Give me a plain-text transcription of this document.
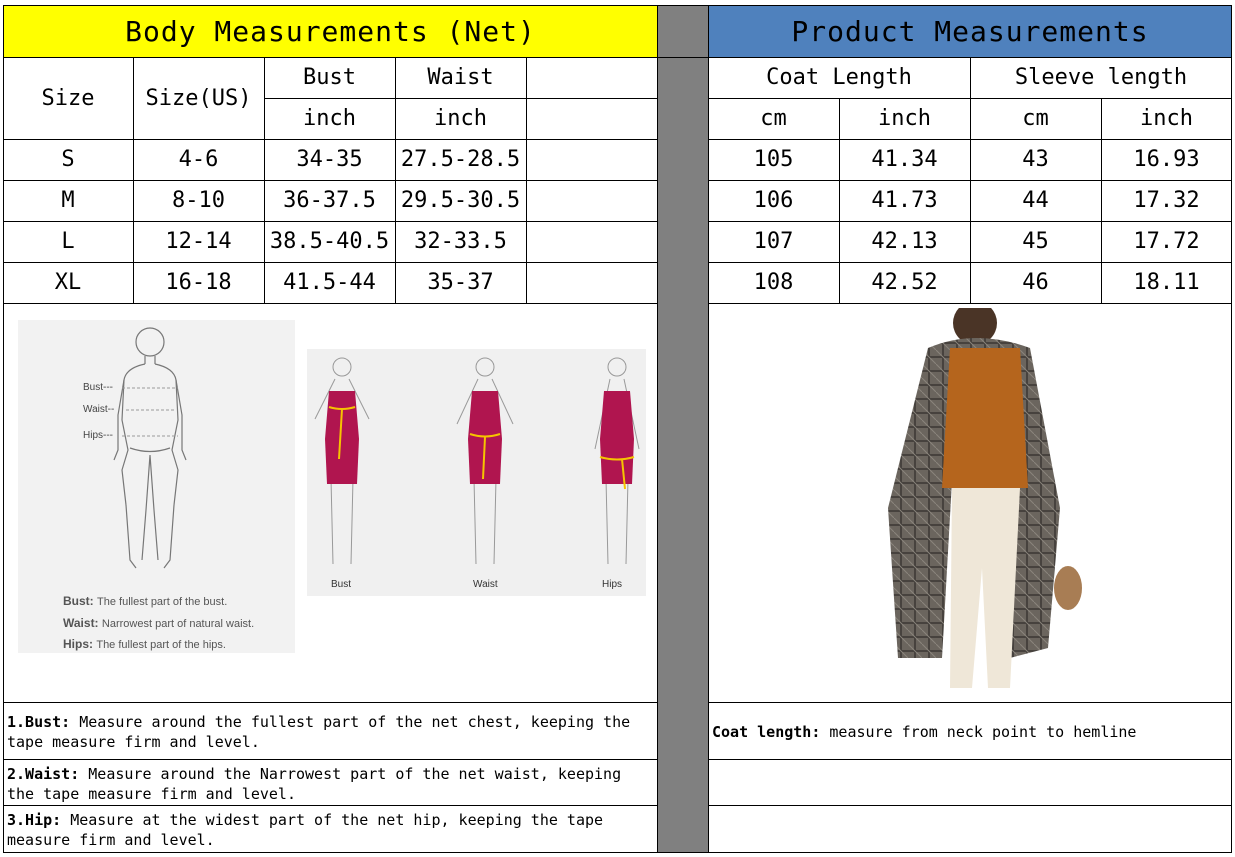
Body Measurements (Net)	Product Measurements
Size	Size(US)
Bust	Waist
inch	inch
S	4-6	34-35	27.5-28.5
M	8-10	36-37.5	29.5-30.5
L	12-14	38.5-40.5	32-33.5
XL	16-18	41.5-44	35-37
Coat Length	Sleeve length
cm	inch	cm	inch
105	41.34	43	16.93
106	41.73	44	17.32
107	42.13	45	17.72
108	42.52	46	18.11
Bust---
Waist--
Hips---
Bust: The fullest part of the bust.
Waist: Narrowest part of natural waist.
Hips: The fullest part of the hips.
Bust	Waist	Hips
1.Bust: Measure around the fullest part of the net chest, keeping the tape measure firm and level.
2.Waist: Measure around the Narrowest part of the net waist, keeping the tape measure firm and level.
3.Hip: Measure at the widest part of the net hip, keeping the tape measure firm and level.
Coat length: measure from neck point to hemline
